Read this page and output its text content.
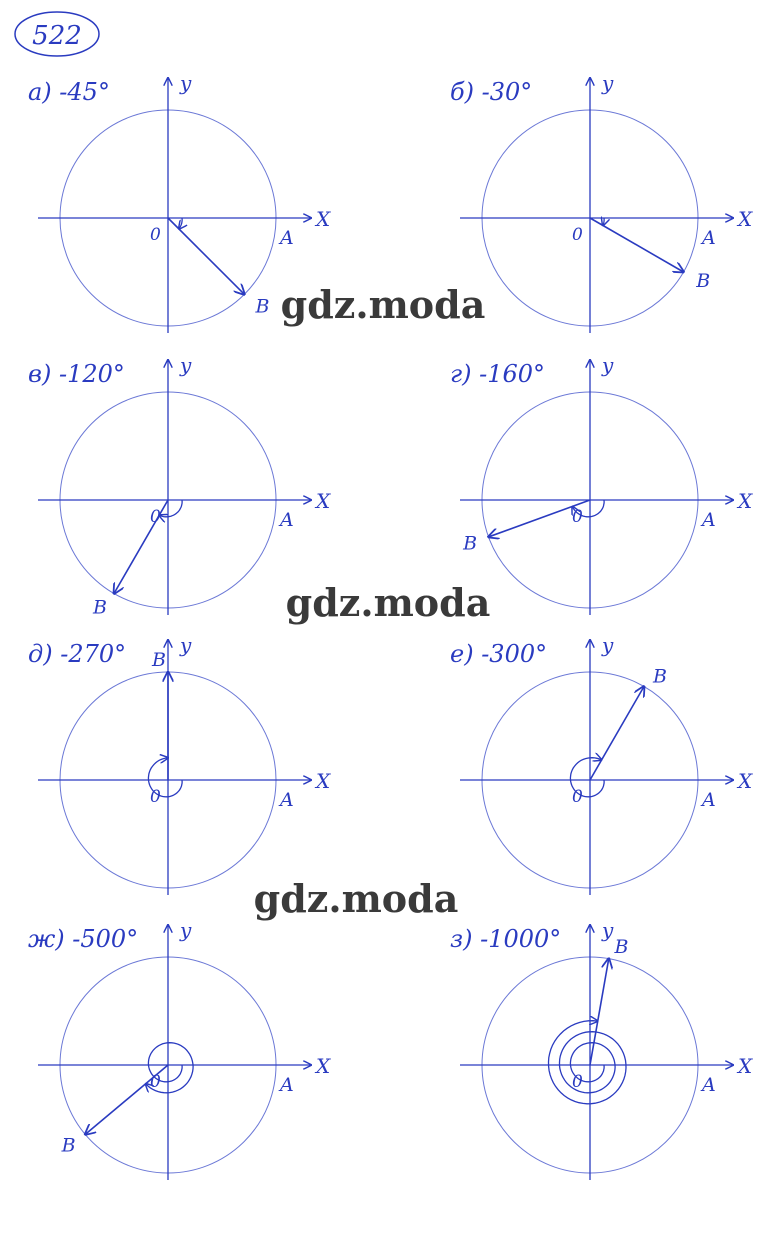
522
а) -45°
X
y
0	A
B
б) -30°
X
y
0	A
B
в) -120°
X
y
0	A
B
г) -160°
X
y
0	A
B
д) -270°
X
y
0	A
B	е) -300°
X
y
0	A
B
ж) -500°
X
y
0	A
B
з) -1000°
X
y
0	A
B
gdz.moda
gdz.moda
gdz.moda
